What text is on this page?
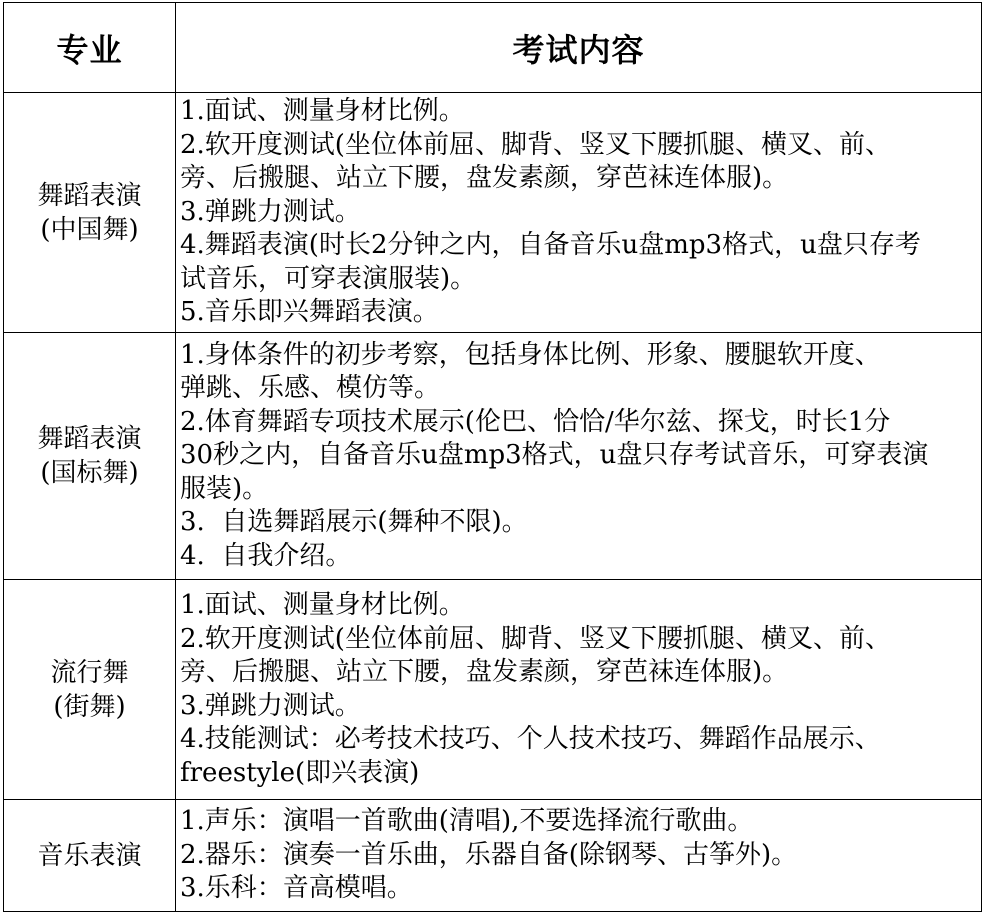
专业	考试内容
舞蹈表演
(中国舞)
1.面试、测量身材比例。
2.软开度测试(坐位体前屈、脚背、竖叉下腰抓腿、横叉、前、
旁、后搬腿、站立下腰，盘发素颜，穿芭袜连体服)。
3.弹跳力测试。
4.舞蹈表演(时长2分钟之内，自备音乐u盘mp3格式，u盘只存考
试音乐，可穿表演服装)。
5.音乐即兴舞蹈表演。
舞蹈表演
(国标舞)
1.身体条件的初步考察，包括身体比例、形象、腰腿软开度、
弹跳、乐感、模仿等。
2.体育舞蹈专项技术展示(伦巴、恰恰/华尔兹、探戈，时长1分
30秒之内，自备音乐u盘mp3格式，u盘只存考试音乐，可穿表演
服装)。
3.  自选舞蹈展示(舞种不限)。
4.  自我介绍。
流行舞
(街舞)
1.面试、测量身材比例。
2.软开度测试(坐位体前屈、脚背、竖叉下腰抓腿、横叉、前、
旁、后搬腿、站立下腰，盘发素颜，穿芭袜连体服)。
3.弹跳力测试。
4.技能测试：必考技术技巧、个人技术技巧、舞蹈作品展示、
freestyle(即兴表演)
音乐表演
1.声乐：演唱一首歌曲(清唱),不要选择流行歌曲。
2.器乐：演奏一首乐曲，乐器自备(除钢琴、古筝外)。
3.乐科：音高模唱。
